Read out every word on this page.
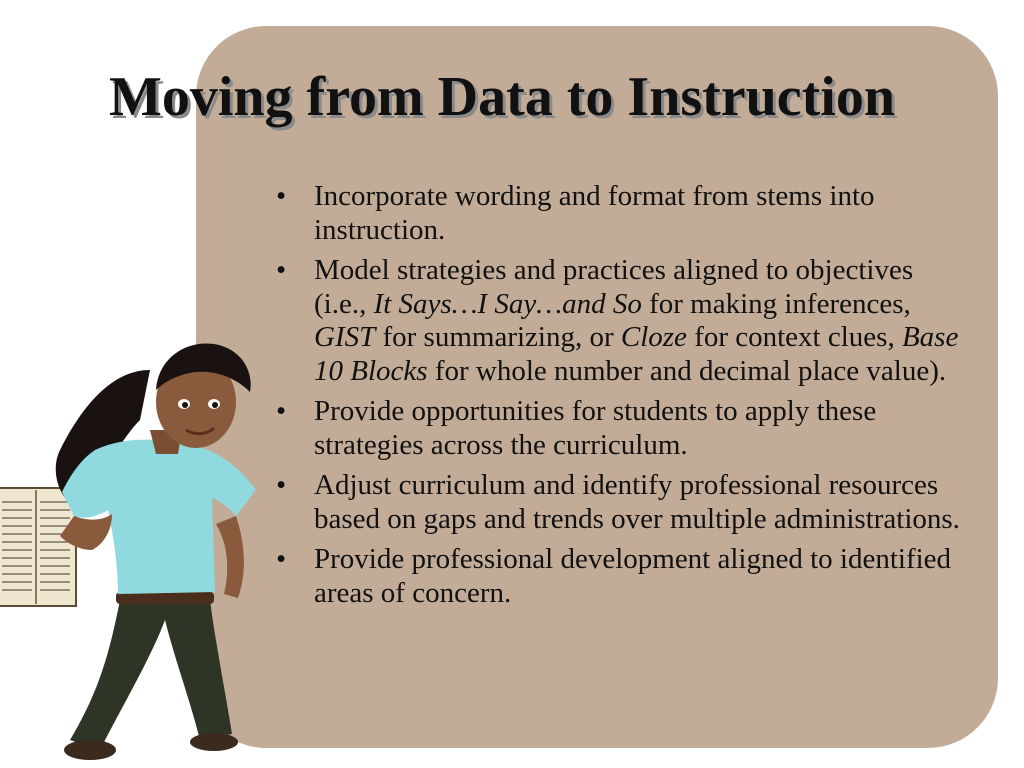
Moving from Data to Instruction
• Incorporate wording and format from stems into instruction.
• Model strategies and practices aligned to objectives (i.e., It Says…I Say…and So for making inferences, GIST for summarizing, or Cloze for context clues, Base 10 Blocks for whole number and decimal place value).
• Provide opportunities for students to apply these strategies across the curriculum.
• Adjust curriculum and identify professional resources based on gaps and trends over multiple administrations.
• Provide professional development aligned to identified areas of concern.
